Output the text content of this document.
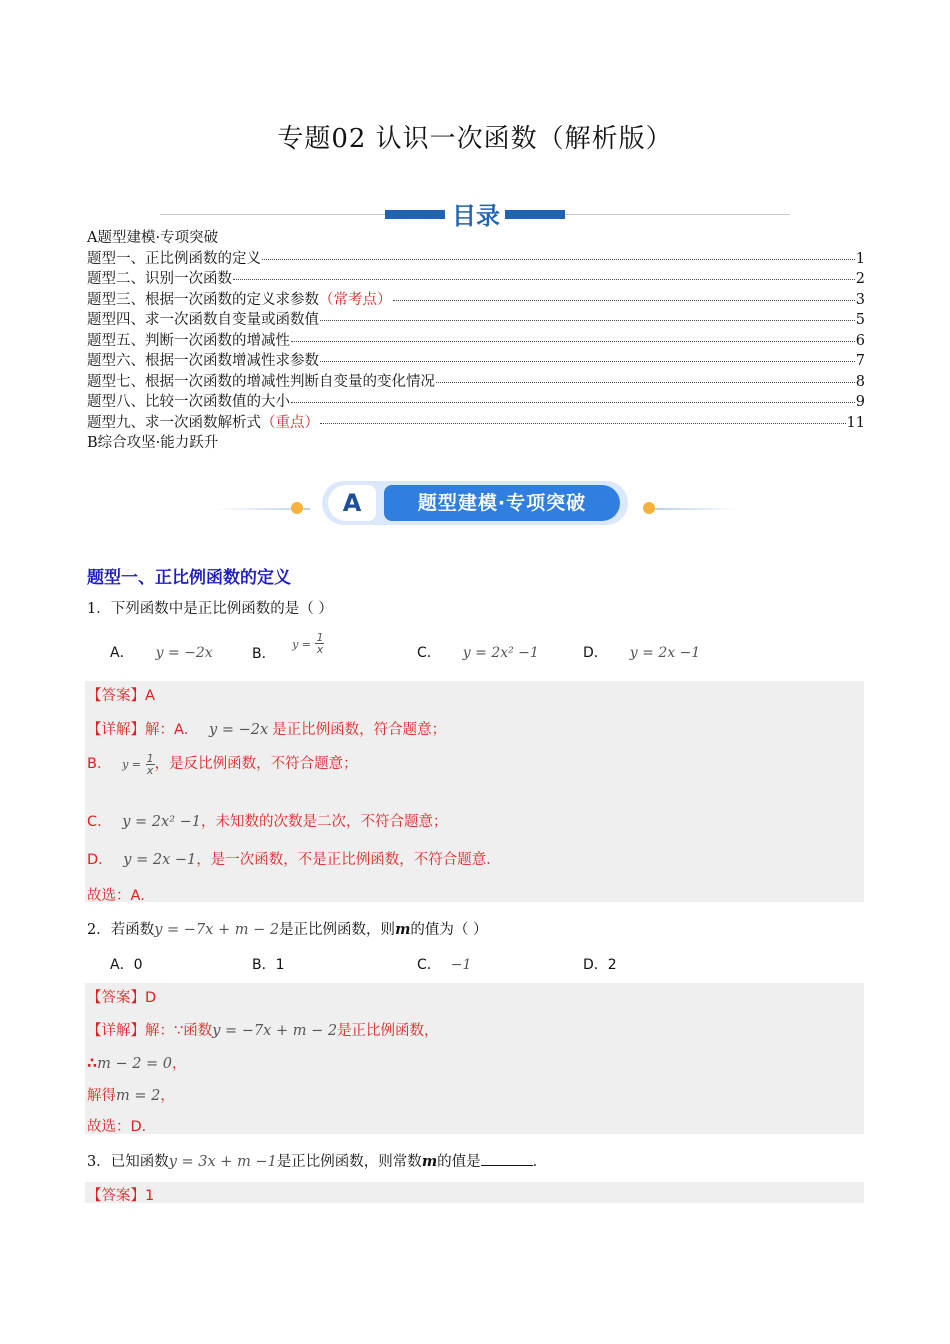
专题02 认识一次函数（解析版）
目录
A题型建模·专项突破
题型一、正比例函数的定义	1
题型二、识别一次函数	2
题型三、根据一次函数的定义求参数 （常考点）	3
题型四、求一次函数自变量或函数值	5
题型五、判断一次函数的增减性	6
题型六、根据一次函数增减性求参数	7
题型七、根据一次函数的增减性判断自变量的变化情况	8
题型八、比较一次函数值的大小	9
题型九、求一次函数解析式 （重点）	11
B综合攻坚·能力跃升
A	题型建模·专项突破
题型一、正比例函数的定义
1．下列函数中是正比例函数的是（ ）
A． y = −2x	B． $y = \frac{1}{x}$	C． y = 2x² −1	D． y = 2x −1
【答案】A
【详解】解：A． y = −2x 是正比例函数，符合题意；
B． $y = \frac{1}{x}$ ，是反比例函数，不符合题意；
C． y = 2x² −1，未知数的次数是二次，不符合题意；
D． y = 2x −1，是一次函数，不是正比例函数，不符合题意．
故选：A．
2．若函数y = −7x + m − 2是正比例函数，则m的值为（ ）
A．0	B．1	C． −1	D．2
【答案】D
【详解】解：∵函数y = −7x + m − 2是正比例函数，
∴m − 2 = 0，
解得m = 2，
故选：D．
3．已知函数y = 3x + m −1是正比例函数，则常数m的值是	．
【答案】1
